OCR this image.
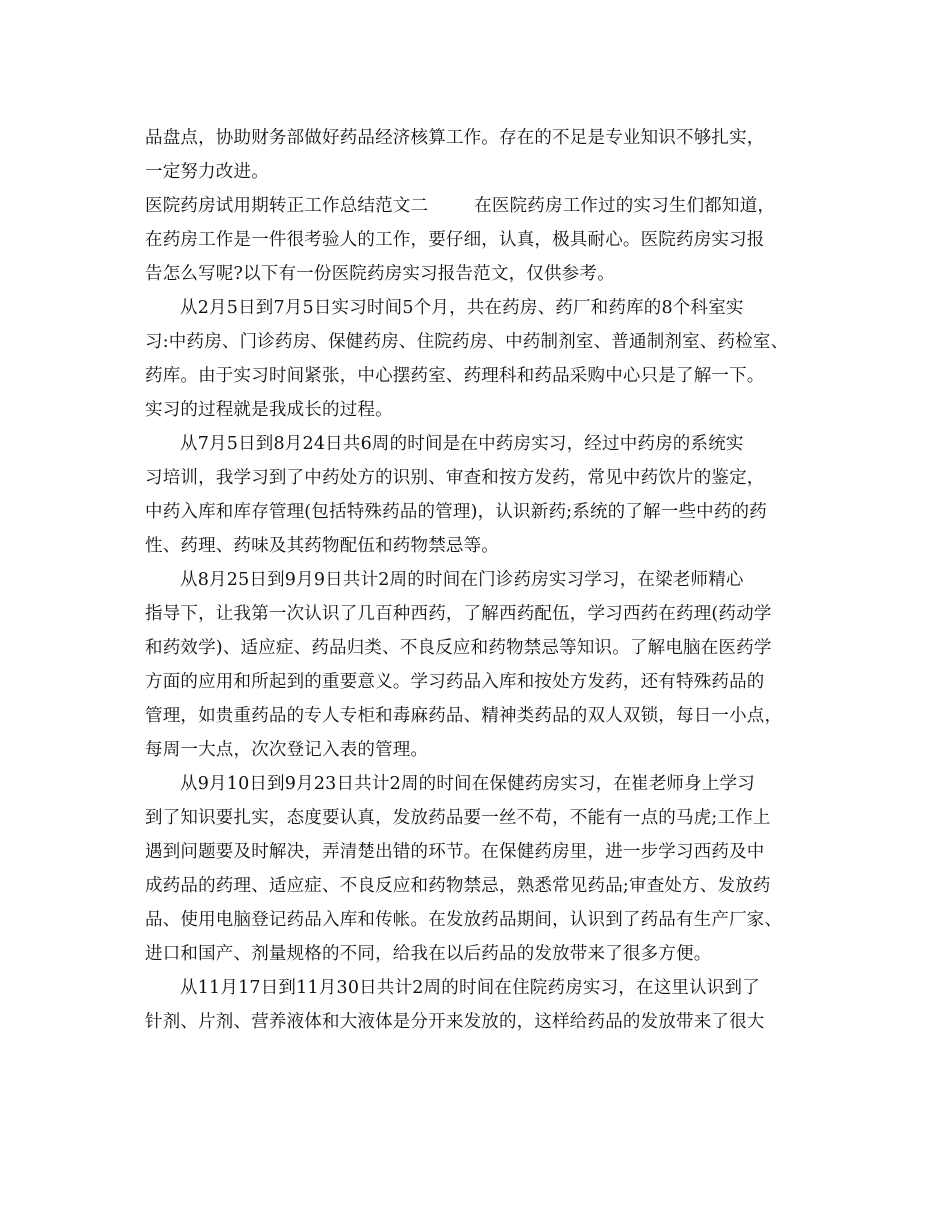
品盘点，协助财务部做好药品经济核算工作。存在的不足是专业知识不够扎实，
一定努力改进。
医院药房试用期转正工作总结范文二	在医院药房工作过的实习生们都知道，
在药房工作是一件很考验人的工作，要仔细，认真，极具耐心。医院药房实习报
告怎么写呢?以下有一份医院药房实习报告范文，仅供参考。
从2月5日到7月5日实习时间5个月，共在药房、药厂和药库的8个科室实
习:中药房、门诊药房、保健药房、住院药房、中药制剂室、普通制剂室、药检室、
药库。由于实习时间紧张，中心摆药室、药理科和药品采购中心只是了解一下。
实习的过程就是我成长的过程。
从7月5日到8月24日共6周的时间是在中药房实习，经过中药房的系统实
习培训，我学习到了中药处方的识别、审查和按方发药，常见中药饮片的鉴定，
中药入库和库存管理(包括特殊药品的管理)，认识新药;系统的了解一些中药的药
性、药理、药味及其药物配伍和药物禁忌等。
从8月25日到9月9日共计2周的时间在门诊药房实习学习，在梁老师精心
指导下，让我第一次认识了几百种西药，了解西药配伍，学习西药在药理(药动学
和药效学)、适应症、药品归类、不良反应和药物禁忌等知识。了解电脑在医药学
方面的应用和所起到的重要意义。学习药品入库和按处方发药，还有特殊药品的
管理，如贵重药品的专人专柜和毒麻药品、精神类药品的双人双锁，每日一小点，
每周一大点，次次登记入表的管理。
从9月10日到9月23日共计2周的时间在保健药房实习，在崔老师身上学习
到了知识要扎实，态度要认真，发放药品要一丝不苟，不能有一点的马虎;工作上
遇到问题要及时解决，弄清楚出错的环节。在保健药房里，进一步学习西药及中
成药品的药理、适应症、不良反应和药物禁忌，熟悉常见药品;审查处方、发放药
品、使用电脑登记药品入库和传帐。在发放药品期间，认识到了药品有生产厂家、
进口和国产、剂量规格的不同，给我在以后药品的发放带来了很多方便。
从11月17日到11月30日共计2周的时间在住院药房实习，在这里认识到了
针剂、片剂、营养液体和大液体是分开来发放的，这样给药品的发放带来了很大
